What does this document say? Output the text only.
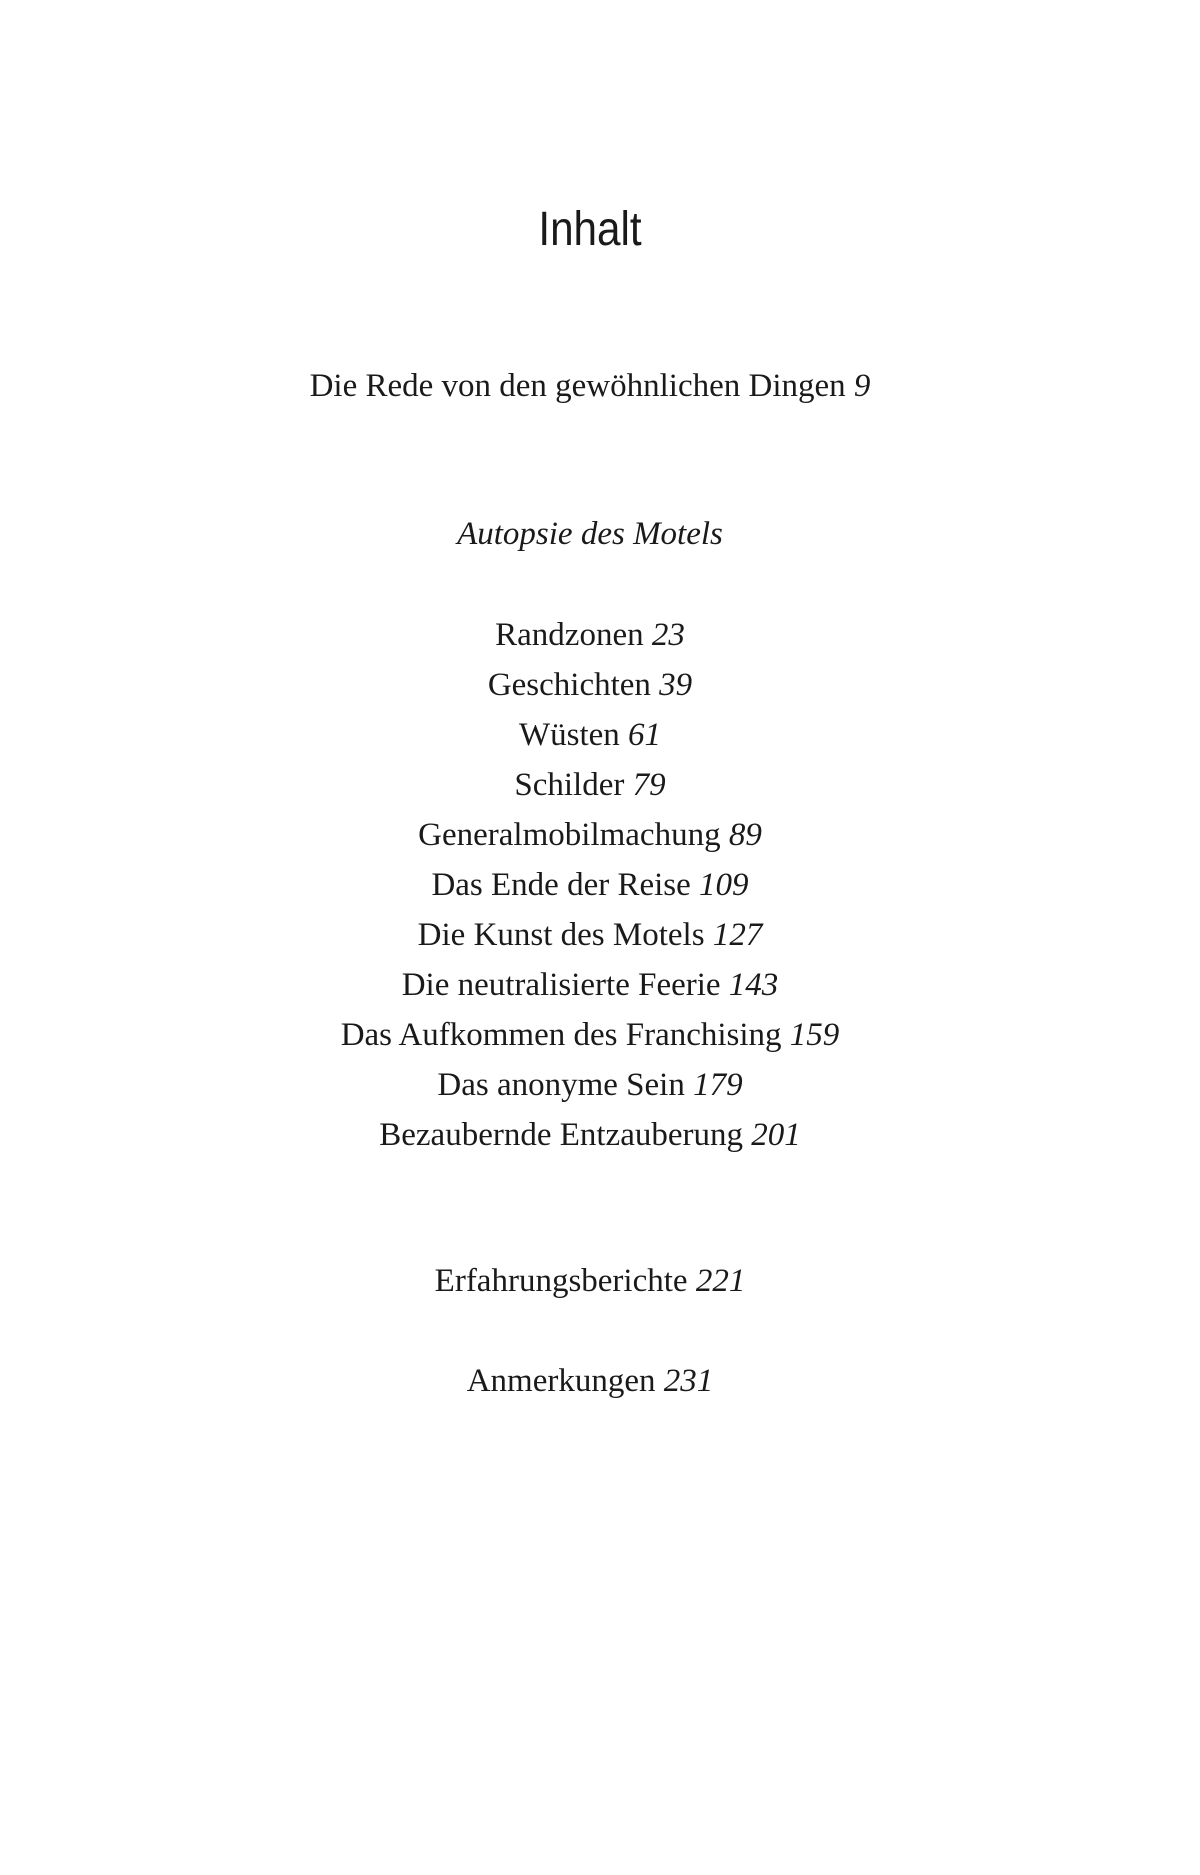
Inhalt
Die Rede von den gewöhnlichen Dingen 9
Autopsie des Motels
Randzonen 23
Geschichten 39
Wüsten 61
Schilder 79
Generalmobilmachung 89
Das Ende der Reise 109
Die Kunst des Motels 127
Die neutralisierte Feerie 143
Das Aufkommen des Franchising 159
Das anonyme Sein 179
Bezaubernde Entzauberung 201
Erfahrungsberichte 221
Anmerkungen 231
